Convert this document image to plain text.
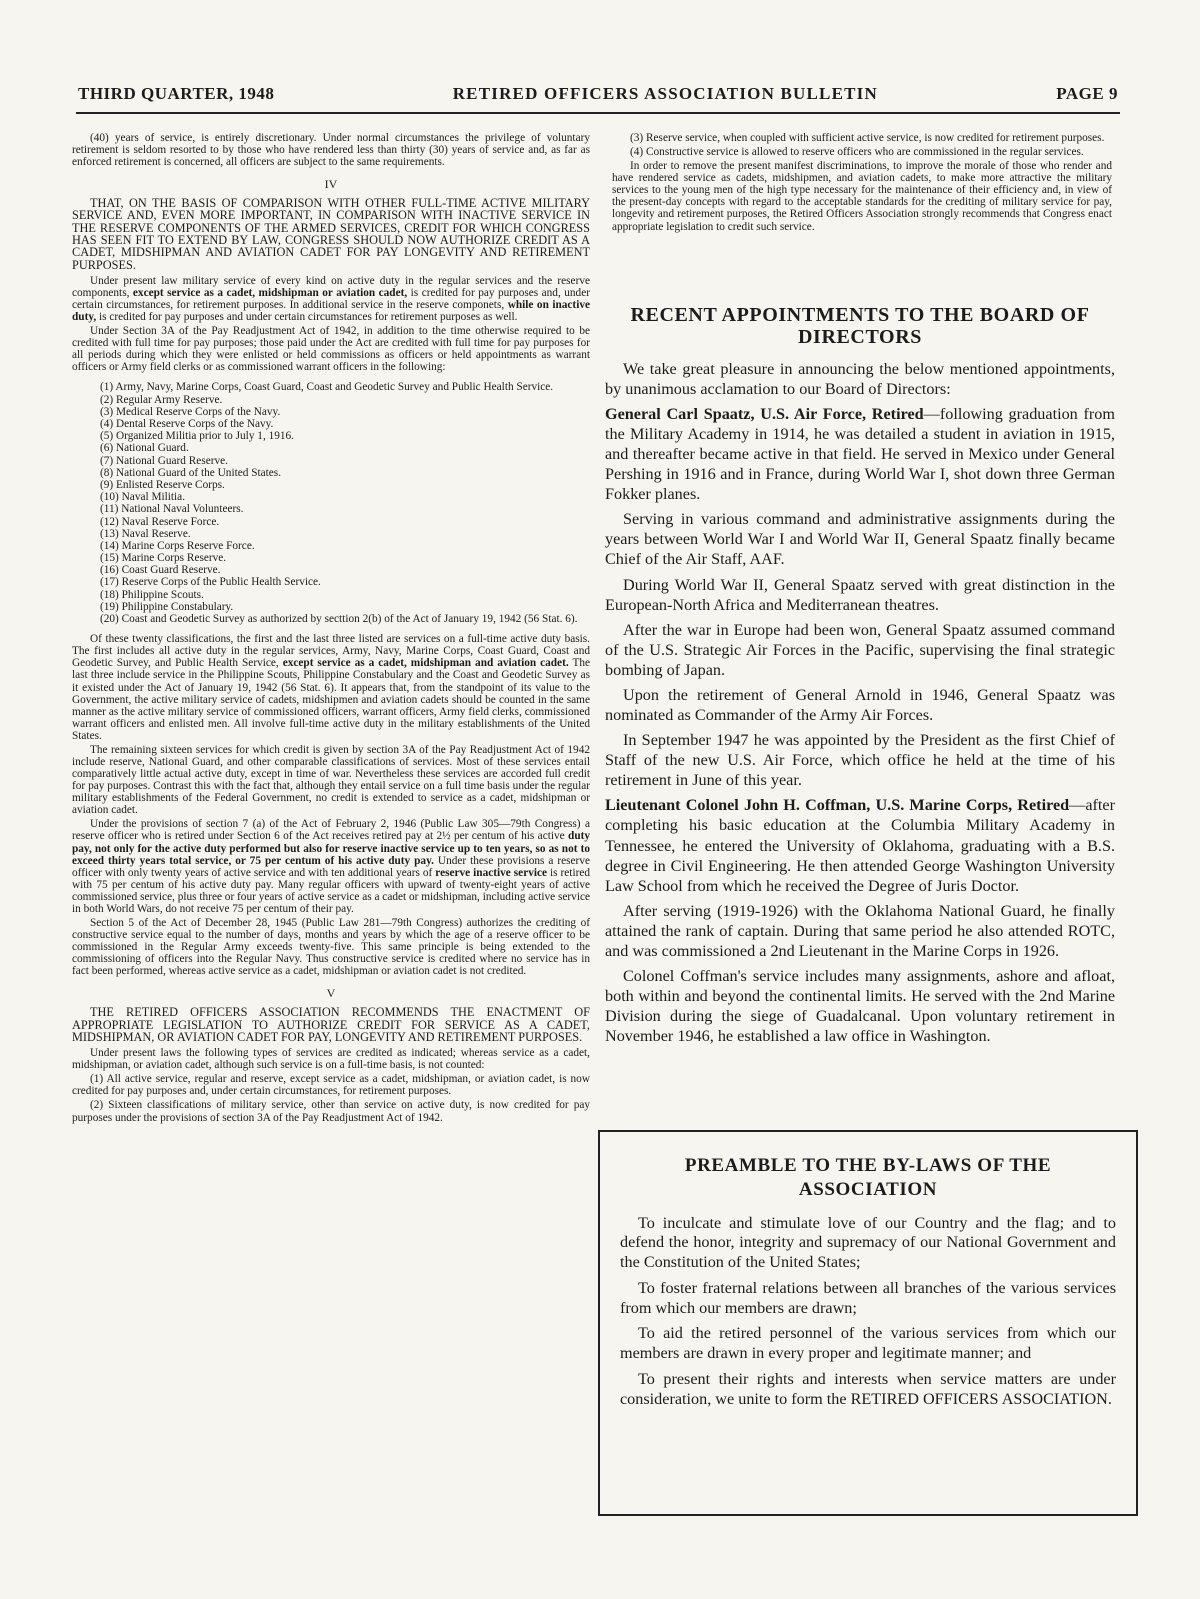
THIRD QUARTER, 1948	RETIRED OFFICERS ASSOCIATION BULLETIN	PAGE 9

(40) years of service, is entirely discretionary. Under normal circumstances the privilege of voluntary retirement is seldom resorted to by those who have rendered less than thirty (30) years of service and, as far as enforced retirement is concerned, all officers are subject to the same requirements.

IV

THAT, ON THE BASIS OF COMPARISON WITH OTHER FULL-TIME ACTIVE MILITARY SERVICE AND, EVEN MORE IMPORTANT, IN COMPARISON WITH INACTIVE SERVICE IN THE RESERVE COMPONENTS OF THE ARMED SERVICES, CREDIT FOR WHICH CONGRESS HAS SEEN FIT TO EXTEND BY LAW, CONGRESS SHOULD NOW AUTHORIZE CREDIT AS A CADET, MIDSHIPMAN AND AVIATION CADET FOR PAY LONGEVITY AND RETIREMENT PURPOSES.

Under present law military service of every kind on active duty in the regular services and the reserve components, except service as a cadet, midshipman or aviation cadet, is credited for pay purposes and, under certain circumstances, for retirement purposes. In additional service in the reserve componets, while on inactive duty, is credited for pay purposes and under certain circumstances for retirement purposes as well.

Under Section 3A of the Pay Readjustment Act of 1942, in addition to the time otherwise required to be credited with full time for pay purposes; those paid under the Act are credited with full time for pay purposes for all periods during which they were enlisted or held commissions as officers or held appointments as warrant officers or Army field clerks or as commissioned warrant officers in the following:

(1) Army, Navy, Marine Corps, Coast Guard, Coast and Geodetic Survey and Public Health Service.
(2) Regular Army Reserve.
(3) Medical Reserve Corps of the Navy.
(4) Dental Reserve Corps of the Navy.
(5) Organized Militia prior to July 1, 1916.
(6) National Guard.
(7) National Guard Reserve.
(8) National Guard of the United States.
(9) Enlisted Reserve Corps.
(10) Naval Militia.
(11) National Naval Volunteers.
(12) Naval Reserve Force.
(13) Naval Reserve.
(14) Marine Corps Reserve Force.
(15) Marine Corps Reserve.
(16) Coast Guard Reserve.
(17) Reserve Corps of the Public Health Service.
(18) Philippine Scouts.
(19) Philippine Constabulary.
(20) Coast and Geodetic Survey as authorized by secttion 2(b) of the Act of January 19, 1942 (56 Stat. 6).

Of these twenty classifications, the first and the last three listed are services on a full-time active duty basis. The first includes all active duty in the regular services, Army, Navy, Marine Corps, Coast Guard, Coast and Geodetic Survey, and Public Health Service, except service as a cadet, midshipman and aviation cadet. The last three include service in the Philippine Scouts, Philippine Constabulary and the Coast and Geodetic Survey as it existed under the Act of January 19, 1942 (56 Stat. 6). It appears that, from the standpoint of its value to the Government, the active military service of cadets, midshipmen and aviation cadets should be counted in the same manner as the active military service of commissioned officers, warrant officers, Army field clerks, commissioned warrant officers and enlisted men. All involve full-time active duty in the military establishments of the United States.

The remaining sixteen services for which credit is given by section 3A of the Pay Readjustment Act of 1942 include reserve, National Guard, and other comparable classifications of services. Most of these services entail comparatively little actual active duty, except in time of war. Nevertheless these services are accorded full credit for pay purposes. Contrast this with the fact that, although they entail service on a full time basis under the regular military establishments of the Federal Government, no credit is extended to service as a cadet, midshipman or aviation cadet.

Under the provisions of section 7 (a) of the Act of February 2, 1946 (Public Law 305—79th Congress) a reserve officer who is retired under Section 6 of the Act receives retired pay at 2½ per centum of his active duty pay, not only for the active duty performed but also for reserve inactive service up to ten years, so as not to exceed thirty years total service, or 75 per centum of his active duty pay. Under these provisions a reserve officer with only twenty years of active service and with ten additional years of reserve inactive service is retired with 75 per centum of his active duty pay. Many regular officers with upward of twenty-eight years of active commissioned service, plus three or four years of active service as a cadet or midshipman, including active service in both World Wars, do not receive 75 per centum of their pay.

Section 5 of the Act of December 28, 1945 (Public Law 281—79th Congress) authorizes the crediting of constructive service equal to the number of days, months and years by which the age of a reserve officer to be commissioned in the Regular Army exceeds twenty-five. This same principle is being extended to the commissioning of officers into the Regular Navy. Thus constructive service is credited where no service has in fact been performed, whereas active service as a cadet, midshipman or aviation cadet is not credited.

V

THE RETIRED OFFICERS ASSOCIATION RECOMMENDS THE ENACTMENT OF APPROPRIATE LEGISLATION TO AUTHORIZE CREDIT FOR SERVICE AS A CADET, MIDSHIPMAN, OR AVIATION CADET FOR PAY, LONGEVITY AND RETIREMENT PURPOSES.

Under present laws the following types of services are credited as indicated; whereas service as a cadet, midshipman, or aviation cadet, although such service is on a full-time basis, is not counted:

(1) All active service, regular and reserve, except service as a cadet, midshipman, or aviation cadet, is now credited for pay purposes and, under certain circumstances, for retirement purposes.

(2) Sixteen classifications of military service, other than service on active duty, is now credited for pay purposes under the provisions of section 3A of the Pay Readjustment Act of 1942.

(3) Reserve service, when coupled with sufficient active service, is now credited for retirement purposes.

(4) Constructive service is allowed to reserve officers who are commissioned in the regular services.

In order to remove the present manifest discriminations, to improve the morale of those who render and have rendered service as cadets, midshipmen, and aviation cadets, to make more attractive the military services to the young men of the high type necessary for the maintenance of their efficiency and, in view of the present-day concepts with regard to the acceptable standards for the crediting of military service for pay, longevity and retirement purposes, the Retired Officers Association strongly recommends that Congress enact appropriate legislation to credit such service.

RECENT APPOINTMENTS TO THE BOARD OF DIRECTORS

We take great pleasure in announcing the below mentioned appointments, by unanimous acclamation to our Board of Directors:

General Carl Spaatz, U.S. Air Force, Retired—following graduation from the Military Academy in 1914, he was detailed a student in aviation in 1915, and thereafter became active in that field. He served in Mexico under General Pershing in 1916 and in France, during World War I, shot down three German Fokker planes.

Serving in various command and administrative assignments during the years between World War I and World War II, General Spaatz finally became Chief of the Air Staff, AAF.

During World War II, General Spaatz served with great distinction in the European-North Africa and Mediterranean theatres.

After the war in Europe had been won, General Spaatz assumed command of the U.S. Strategic Air Forces in the Pacific, supervising the final strategic bombing of Japan.

Upon the retirement of General Arnold in 1946, General Spaatz was nominated as Commander of the Army Air Forces.

In September 1947 he was appointed by the President as the first Chief of Staff of the new U.S. Air Force, which office he held at the time of his retirement in June of this year.

Lieutenant Colonel John H. Coffman, U.S. Marine Corps, Retired—after completing his basic education at the Columbia Military Academy in Tennessee, he entered the University of Oklahoma, graduating with a B.S. degree in Civil Engineering. He then attended George Washington University Law School from which he received the Degree of Juris Doctor.

After serving (1919-1926) with the Oklahoma National Guard, he finally attained the rank of captain. During that same period he also attended ROTC, and was commissioned a 2nd Lieutenant in the Marine Corps in 1926.

Colonel Coffman's service includes many assignments, ashore and afloat, both within and beyond the continental limits. He served with the 2nd Marine Division during the siege of Guadalcanal. Upon voluntary retirement in November 1946, he established a law office in Washington.

PREAMBLE TO THE BY-LAWS OF THE ASSOCIATION

To inculcate and stimulate love of our Country and the flag; and to defend the honor, integrity and supremacy of our National Government and the Constitution of the United States;

To foster fraternal relations between all branches of the various services from which our members are drawn;

To aid the retired personnel of the various services from which our members are drawn in every proper and legitimate manner; and

To present their rights and interests when service matters are under consideration, we unite to form the RETIRED OFFICERS ASSOCIATION.
